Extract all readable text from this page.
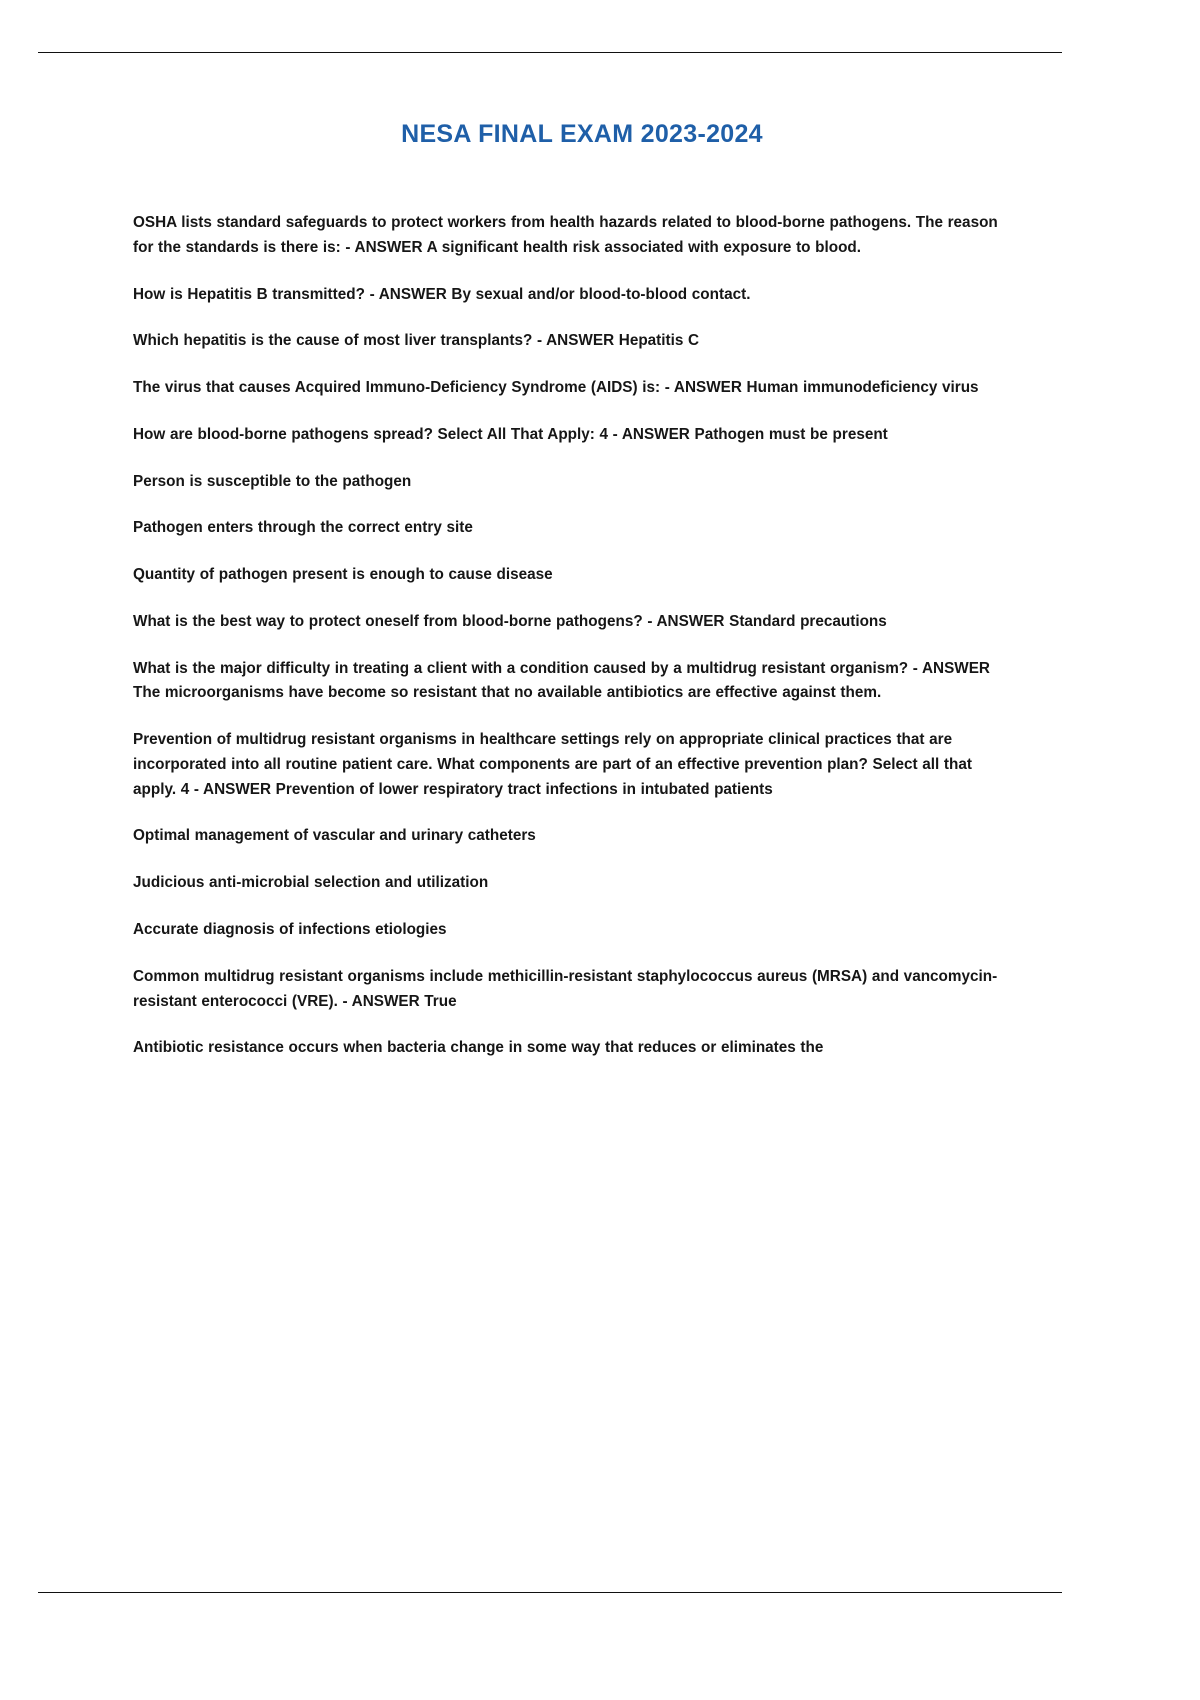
NESA FINAL EXAM 2023-2024

OSHA lists standard safeguards to protect workers from health hazards related to blood-borne pathogens. The reason for the standards is there is: - ANSWER A significant health risk associated with exposure to blood.

How is Hepatitis B transmitted? - ANSWER By sexual and/or blood-to-blood contact.

Which hepatitis is the cause of most liver transplants? - ANSWER Hepatitis C

The virus that causes Acquired Immuno-Deficiency Syndrome (AIDS) is: - ANSWER Human immunodeficiency virus

How are blood-borne pathogens spread? Select All That Apply: 4 - ANSWER Pathogen must be present

Person is susceptible to the pathogen

Pathogen enters through the correct entry site

Quantity of pathogen present is enough to cause disease

What is the best way to protect oneself from blood-borne pathogens? - ANSWER Standard precautions

What is the major difficulty in treating a client with a condition caused by a multidrug resistant organism? - ANSWER The microorganisms have become so resistant that no available antibiotics are effective against them.

Prevention of multidrug resistant organisms in healthcare settings rely on appropriate clinical practices that are incorporated into all routine patient care. What components are part of an effective prevention plan? Select all that apply. 4 - ANSWER Prevention of lower respiratory tract infections in intubated patients

Optimal management of vascular and urinary catheters

Judicious anti-microbial selection and utilization

Accurate diagnosis of infections etiologies

Common multidrug resistant organisms include methicillin-resistant staphylococcus aureus (MRSA) and vancomycin-resistant enterococci (VRE). - ANSWER True

Antibiotic resistance occurs when bacteria change in some way that reduces or eliminates the
